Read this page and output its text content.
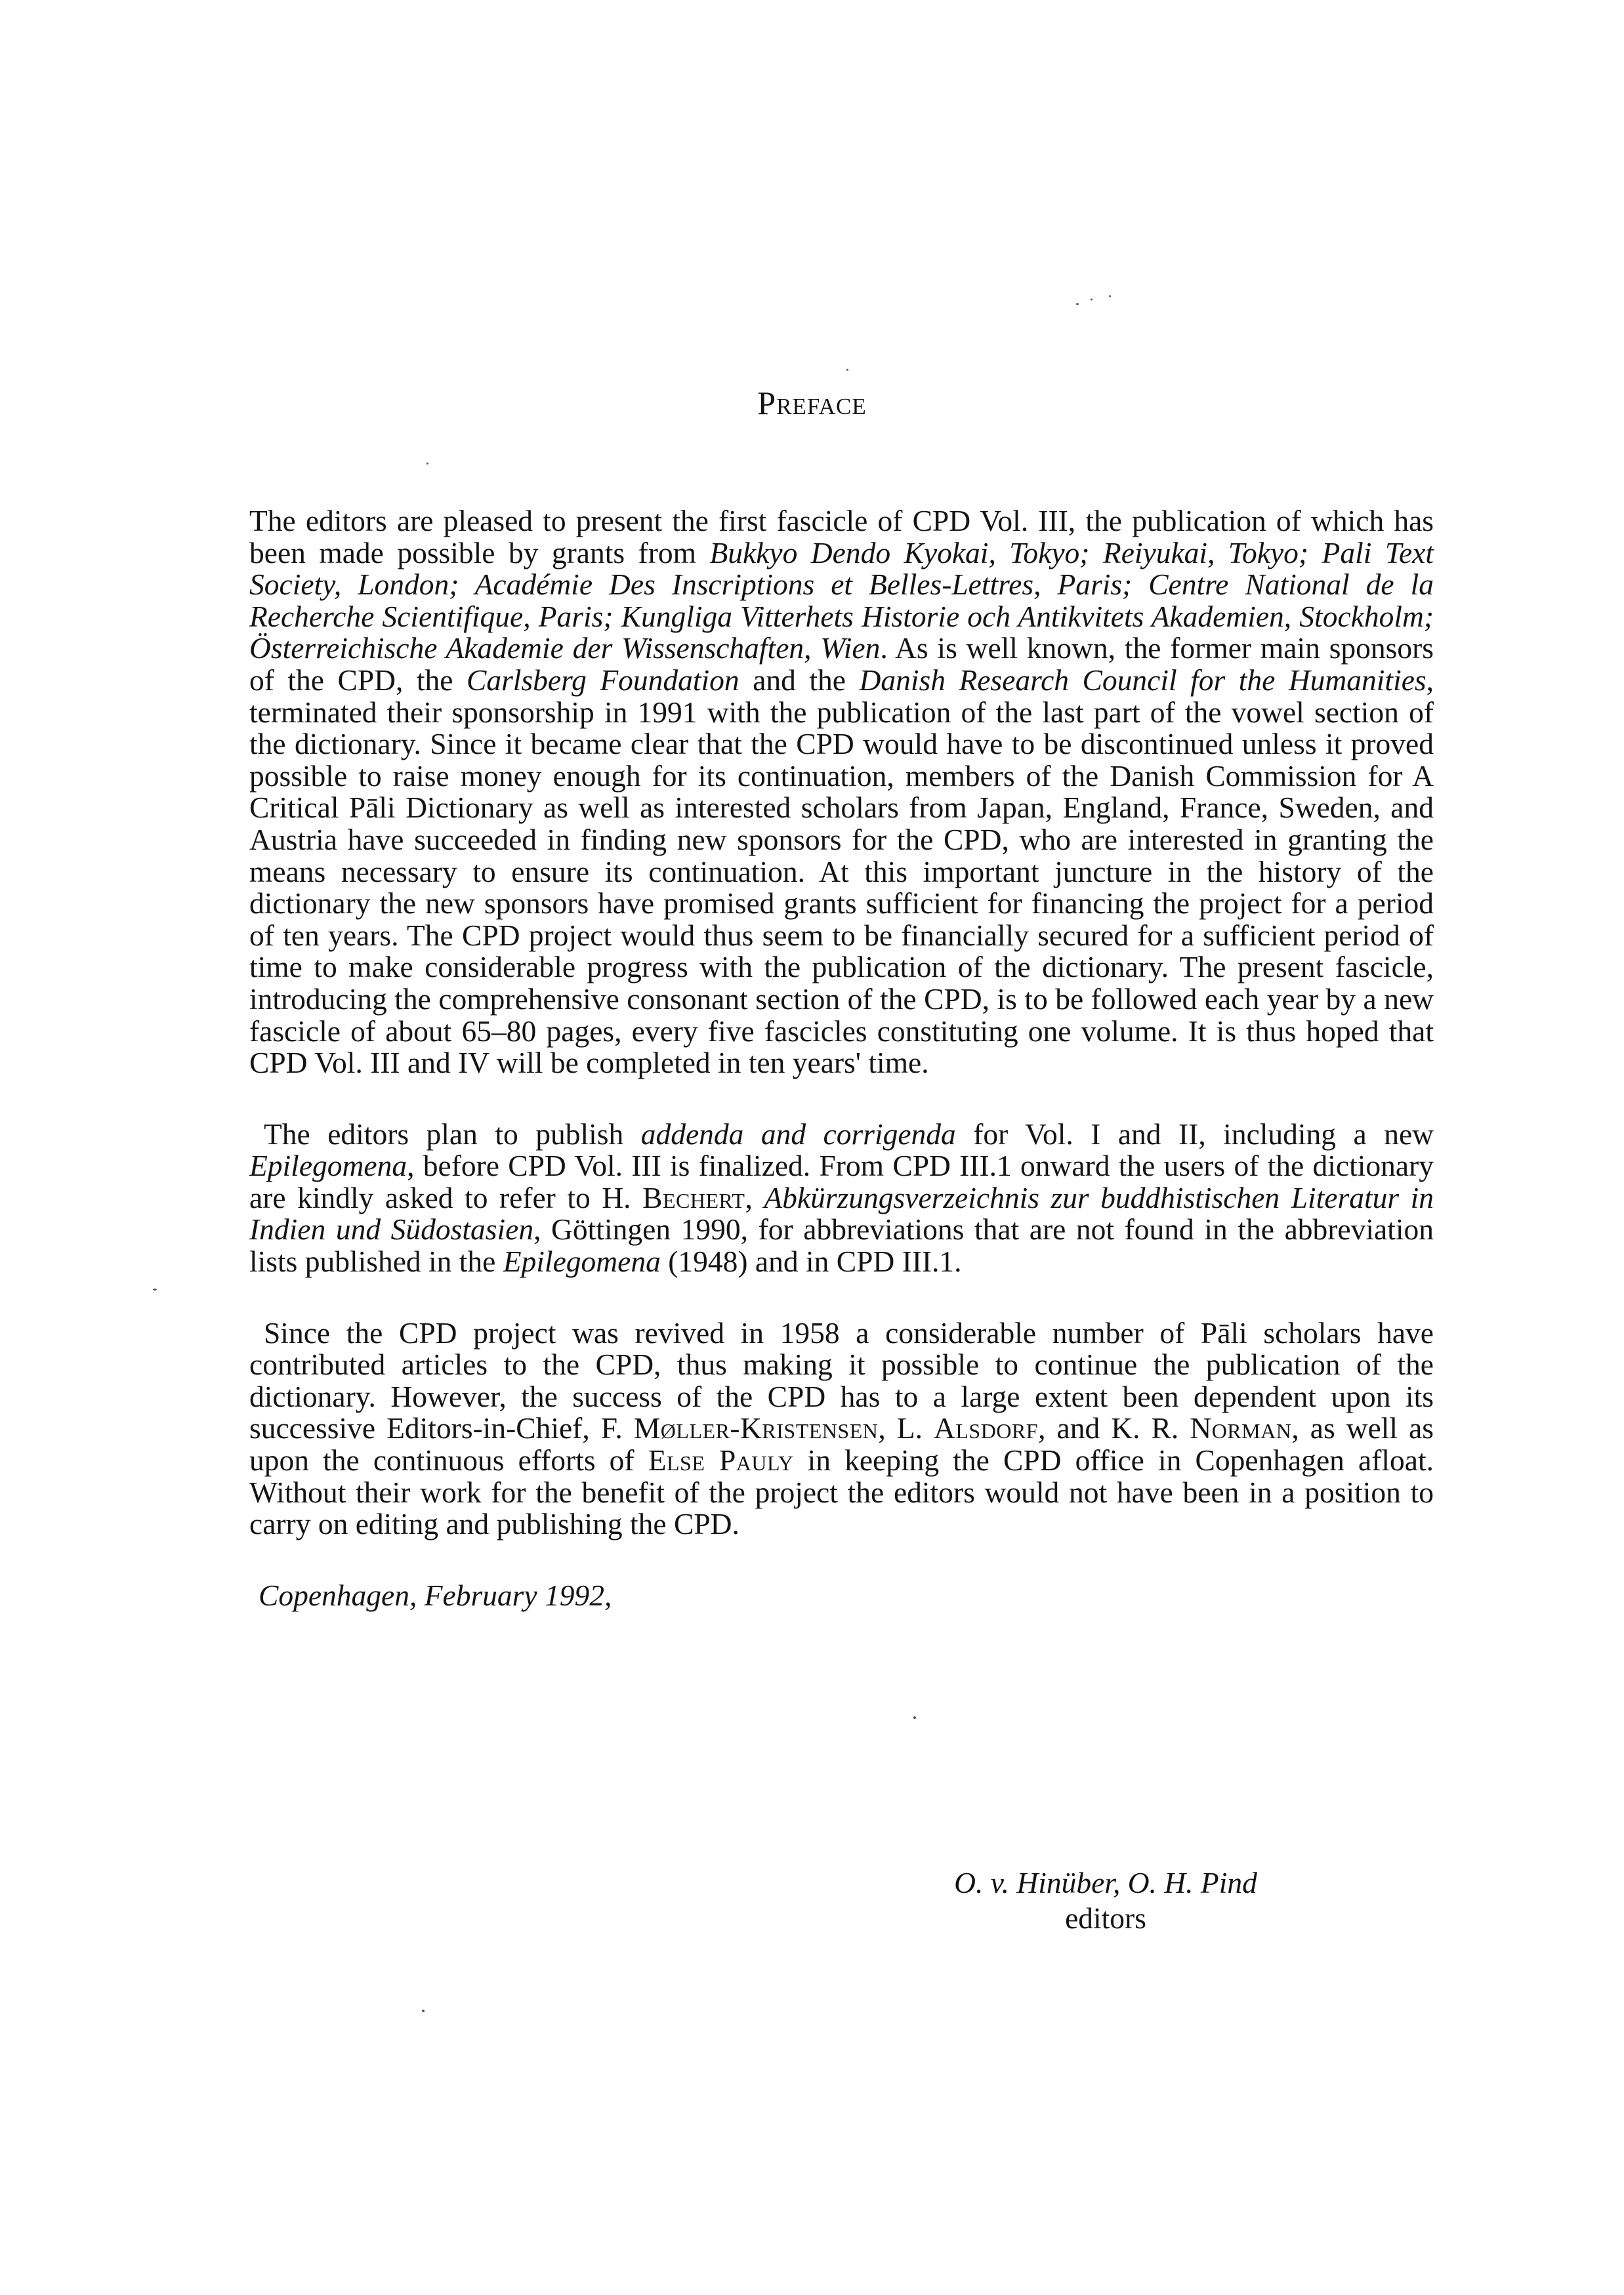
Preface

The editors are pleased to present the first fascicle of CPD Vol. III, the publication of which has been made possible by grants from Bukkyo Dendo Kyokai, Tokyo; Reiyukai, Tokyo; Pali Text Society, London; Académie Des Inscriptions et Belles-Lettres, Paris; Centre National de la Recherche Scientifique, Paris; Kungliga Vitterhets Historie och Antikvitets Akademien, Stockholm; Österreichische Akademie der Wissenschaften, Wien. As is well known, the former main sponsors of the CPD, the Carlsberg Foundation and the Danish Research Council for the Humanities, terminated their sponsorship in 1991 with the publication of the last part of the vowel section of the dictionary. Since it became clear that the CPD would have to be discontinued unless it proved possible to raise money enough for its continuation, members of the Danish Commission for A Critical Pāli Dictionary as well as interested scholars from Japan, England, France, Sweden, and Austria have succeeded in finding new sponsors for the CPD, who are interested in granting the means necessary to ensure its continuation. At this important juncture in the history of the dictionary the new sponsors have promised grants sufficient for financing the project for a period of ten years. The CPD project would thus seem to be financially secured for a sufficient period of time to make considerable progress with the publication of the dictionary. The present fascicle, introducing the comprehensive consonant section of the CPD, is to be followed each year by a new fascicle of about 65–80 pages, every five fascicles constituting one volume. It is thus hoped that CPD Vol. III and IV will be completed in ten years' time.

The editors plan to publish addenda and corrigenda for Vol. I and II, including a new Epilegomena, before CPD Vol. III is finalized. From CPD III.1 onward the users of the dictionary are kindly asked to refer to H. Bechert, Abkürzungsverzeichnis zur buddhistischen Literatur in Indien und Südostasien, Göttingen 1990, for abbreviations that are not found in the abbreviation lists published in the Epilegomena (1948) and in CPD III.1.

Since the CPD project was revived in 1958 a considerable number of Pāli scholars have contributed articles to the CPD, thus making it possible to continue the publication of the dictionary. However, the success of the CPD has to a large extent been dependent upon its successive Editors-in-Chief, F. Møller-Kristensen, L. Alsdorf, and K. R. Norman, as well as upon the continuous efforts of Else Pauly in keeping the CPD office in Copenhagen afloat. Without their work for the benefit of the project the editors would not have been in a position to carry on editing and publishing the CPD.

Copenhagen, February 1992,

O. v. Hinüber, O. H. Pind
editors
